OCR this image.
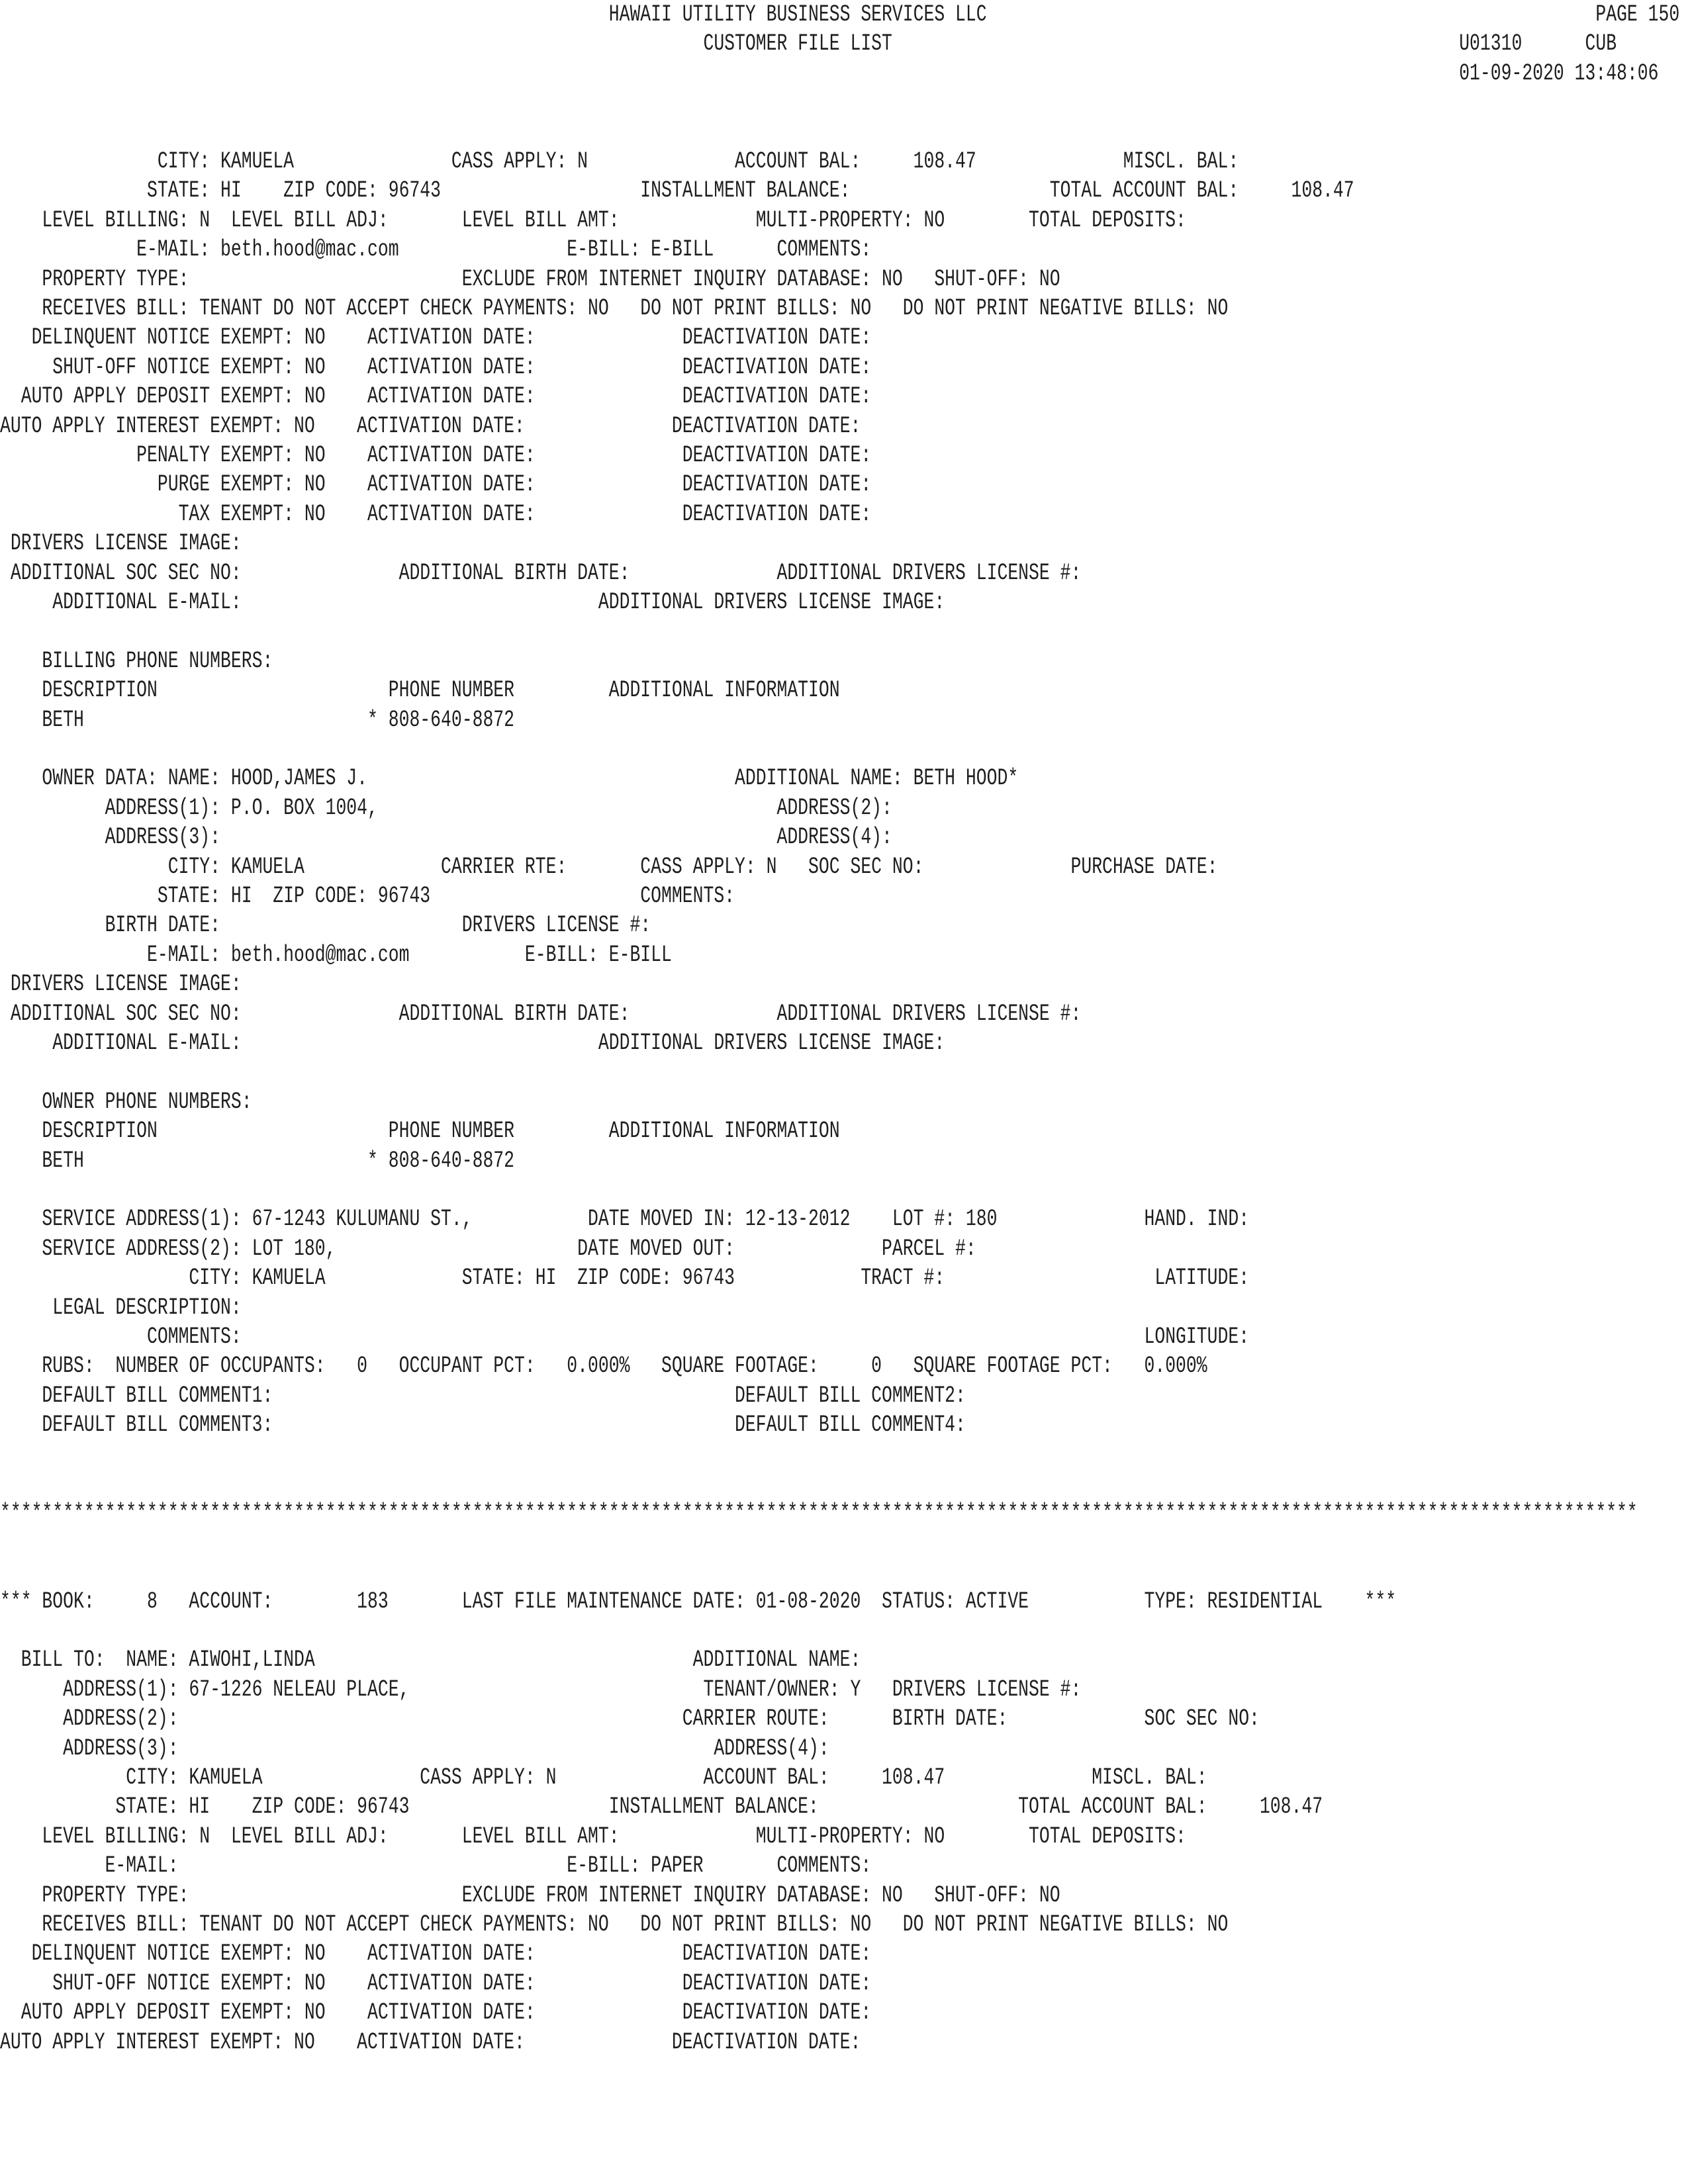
HAWAII UTILITY BUSINESS SERVICES LLC                                                          PAGE 150
CUSTOMER FILE LIST                                                      U01310      CUB
01-09-2020 13:48:06
CITY: KAMUELA               CASS APPLY: N              ACCOUNT BAL:     108.47              MISCL. BAL:
STATE: HI    ZIP CODE: 96743                   INSTALLMENT BALANCE:                   TOTAL ACCOUNT BAL:     108.47
LEVEL BILLING: N  LEVEL BILL ADJ:       LEVEL BILL AMT:             MULTI-PROPERTY: NO        TOTAL DEPOSITS:
E-MAIL: beth.hood@mac.com                E-BILL: E-BILL      COMMENTS:
PROPERTY TYPE:                          EXCLUDE FROM INTERNET INQUIRY DATABASE: NO   SHUT-OFF: NO
RECEIVES BILL: TENANT DO NOT ACCEPT CHECK PAYMENTS: NO   DO NOT PRINT BILLS: NO   DO NOT PRINT NEGATIVE BILLS: NO
DELINQUENT NOTICE EXEMPT: NO    ACTIVATION DATE:              DEACTIVATION DATE:
SHUT-OFF NOTICE EXEMPT: NO    ACTIVATION DATE:              DEACTIVATION DATE:
AUTO APPLY DEPOSIT EXEMPT: NO    ACTIVATION DATE:              DEACTIVATION DATE:
AUTO APPLY INTEREST EXEMPT: NO    ACTIVATION DATE:              DEACTIVATION DATE:
PENALTY EXEMPT: NO    ACTIVATION DATE:              DEACTIVATION DATE:
PURGE EXEMPT: NO    ACTIVATION DATE:              DEACTIVATION DATE:
TAX EXEMPT: NO    ACTIVATION DATE:              DEACTIVATION DATE:
DRIVERS LICENSE IMAGE:
ADDITIONAL SOC SEC NO:               ADDITIONAL BIRTH DATE:              ADDITIONAL DRIVERS LICENSE #:
ADDITIONAL E-MAIL:                                  ADDITIONAL DRIVERS LICENSE IMAGE:
BILLING PHONE NUMBERS:
DESCRIPTION                      PHONE NUMBER         ADDITIONAL INFORMATION
BETH                           * 808-640-8872
OWNER DATA: NAME: HOOD,JAMES J.                                   ADDITIONAL NAME: BETH HOOD*
ADDRESS(1): P.O. BOX 1004,                                      ADDRESS(2):
ADDRESS(3):                                                     ADDRESS(4):
CITY: KAMUELA             CARRIER RTE:       CASS APPLY: N   SOC SEC NO:              PURCHASE DATE:
STATE: HI  ZIP CODE: 96743                    COMMENTS:
BIRTH DATE:                       DRIVERS LICENSE #:
E-MAIL: beth.hood@mac.com           E-BILL: E-BILL
DRIVERS LICENSE IMAGE:
ADDITIONAL SOC SEC NO:               ADDITIONAL BIRTH DATE:              ADDITIONAL DRIVERS LICENSE #:
ADDITIONAL E-MAIL:                                  ADDITIONAL DRIVERS LICENSE IMAGE:
OWNER PHONE NUMBERS:
DESCRIPTION                      PHONE NUMBER         ADDITIONAL INFORMATION
BETH                           * 808-640-8872
SERVICE ADDRESS(1): 67-1243 KULUMANU ST.,           DATE MOVED IN: 12-13-2012    LOT #: 180              HAND. IND:
SERVICE ADDRESS(2): LOT 180,                       DATE MOVED OUT:              PARCEL #:
CITY: KAMUELA             STATE: HI  ZIP CODE: 96743            TRACT #:                    LATITUDE:
LEGAL DESCRIPTION:
COMMENTS:                                                                                      LONGITUDE:
RUBS:  NUMBER OF OCCUPANTS:   0   OCCUPANT PCT:   0.000%   SQUARE FOOTAGE:     0   SQUARE FOOTAGE PCT:   0.000%
DEFAULT BILL COMMENT1:                                            DEFAULT BILL COMMENT2:
DEFAULT BILL COMMENT3:                                            DEFAULT BILL COMMENT4:
************************************************************************************************************************************************************
*** BOOK:     8   ACCOUNT:        183       LAST FILE MAINTENANCE DATE: 01-08-2020  STATUS: ACTIVE           TYPE: RESIDENTIAL    ***
BILL TO:  NAME: AIWOHI,LINDA                                    ADDITIONAL NAME:
ADDRESS(1): 67-1226 NELEAU PLACE,                            TENANT/OWNER: Y   DRIVERS LICENSE #:
ADDRESS(2):                                                CARRIER ROUTE:      BIRTH DATE:             SOC SEC NO:
ADDRESS(3):                                                   ADDRESS(4):
CITY: KAMUELA               CASS APPLY: N              ACCOUNT BAL:     108.47              MISCL. BAL:
STATE: HI    ZIP CODE: 96743                   INSTALLMENT BALANCE:                   TOTAL ACCOUNT BAL:     108.47
LEVEL BILLING: N  LEVEL BILL ADJ:       LEVEL BILL AMT:             MULTI-PROPERTY: NO        TOTAL DEPOSITS:
E-MAIL:                                     E-BILL: PAPER       COMMENTS:
PROPERTY TYPE:                          EXCLUDE FROM INTERNET INQUIRY DATABASE: NO   SHUT-OFF: NO
RECEIVES BILL: TENANT DO NOT ACCEPT CHECK PAYMENTS: NO   DO NOT PRINT BILLS: NO   DO NOT PRINT NEGATIVE BILLS: NO
DELINQUENT NOTICE EXEMPT: NO    ACTIVATION DATE:              DEACTIVATION DATE:
SHUT-OFF NOTICE EXEMPT: NO    ACTIVATION DATE:              DEACTIVATION DATE:
AUTO APPLY DEPOSIT EXEMPT: NO    ACTIVATION DATE:              DEACTIVATION DATE:
AUTO APPLY INTEREST EXEMPT: NO    ACTIVATION DATE:              DEACTIVATION DATE:
